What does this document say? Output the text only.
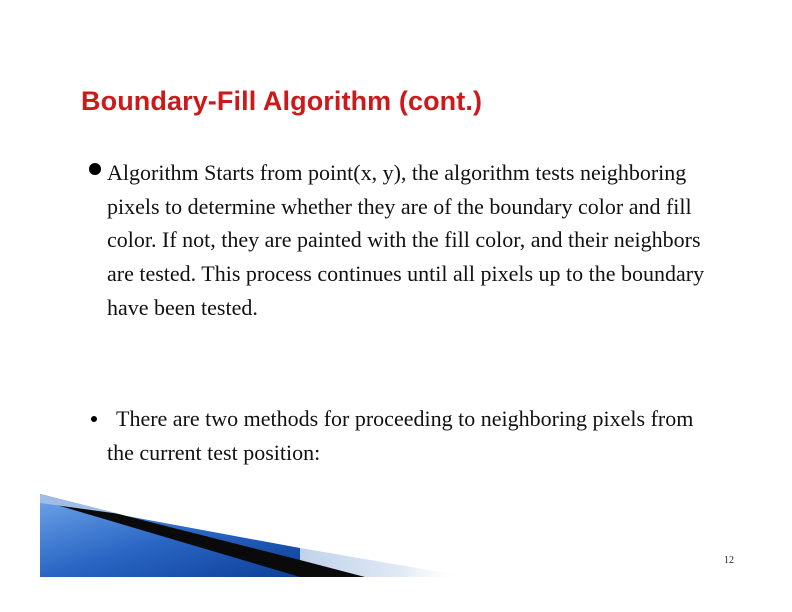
Boundary-Fill Algorithm (cont.)
Algorithm Starts from point(x, y), the algorithm tests neighboring pixels to determine whether they are of the boundary color and fill color. If not, they are painted with the fill color, and their neighbors are tested. This process continues until all pixels up to the boundary have been tested.
There are two methods for proceeding to neighboring pixels from the current test position:
12
